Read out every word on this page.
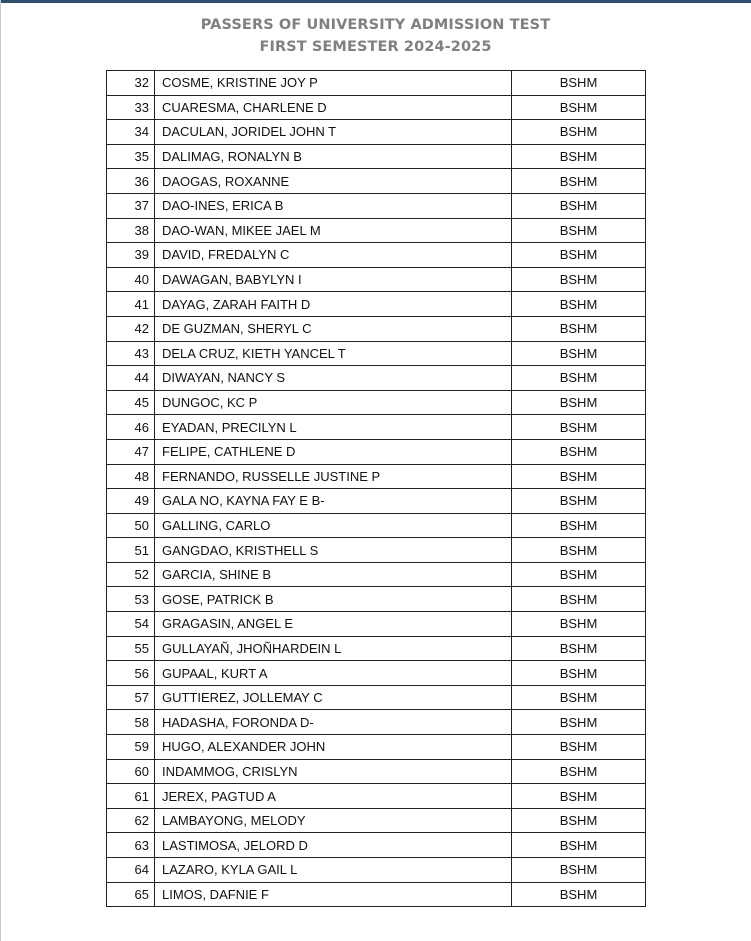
PASSERS OF UNIVERSITY ADMISSION TEST
FIRST SEMESTER 2024-2025
32	COSME, KRISTINE JOY P	BSHM
33	CUARESMA, CHARLENE D	BSHM
34	DACULAN, JORIDEL JOHN T	BSHM
35	DALIMAG, RONALYN B	BSHM
36	DAOGAS, ROXANNE	BSHM
37	DAO-INES, ERICA B	BSHM
38	DAO-WAN, MIKEE JAEL M	BSHM
39	DAVID, FREDALYN C	BSHM
40	DAWAGAN, BABYLYN I	BSHM
41	DAYAG, ZARAH FAITH D	BSHM
42	DE GUZMAN, SHERYL C	BSHM
43	DELA CRUZ, KIETH YANCEL T	BSHM
44	DIWAYAN, NANCY S	BSHM
45	DUNGOC, KC P	BSHM
46	EYADAN, PRECILYN L	BSHM
47	FELIPE, CATHLENE D	BSHM
48	FERNANDO, RUSSELLE JUSTINE P	BSHM
49	GALA NO, KAYNA FAY E B-	BSHM
50	GALLING, CARLO	BSHM
51	GANGDAO, KRISTHELL S	BSHM
52	GARCIA, SHINE B	BSHM
53	GOSE, PATRICK B	BSHM
54	GRAGASIN, ANGEL E	BSHM
55	GULLAYAÑ, JHOÑHARDEIN L	BSHM
56	GUPAAL, KURT A	BSHM
57	GUTTIEREZ, JOLLEMAY C	BSHM
58	HADASHA, FORONDA D-	BSHM
59	HUGO, ALEXANDER JOHN	BSHM
60	INDAMMOG, CRISLYN	BSHM
61	JEREX, PAGTUD A	BSHM
62	LAMBAYONG, MELODY	BSHM
63	LASTIMOSA, JELORD D	BSHM
64	LAZARO, KYLA GAIL L	BSHM
65	LIMOS, DAFNIE F	BSHM
